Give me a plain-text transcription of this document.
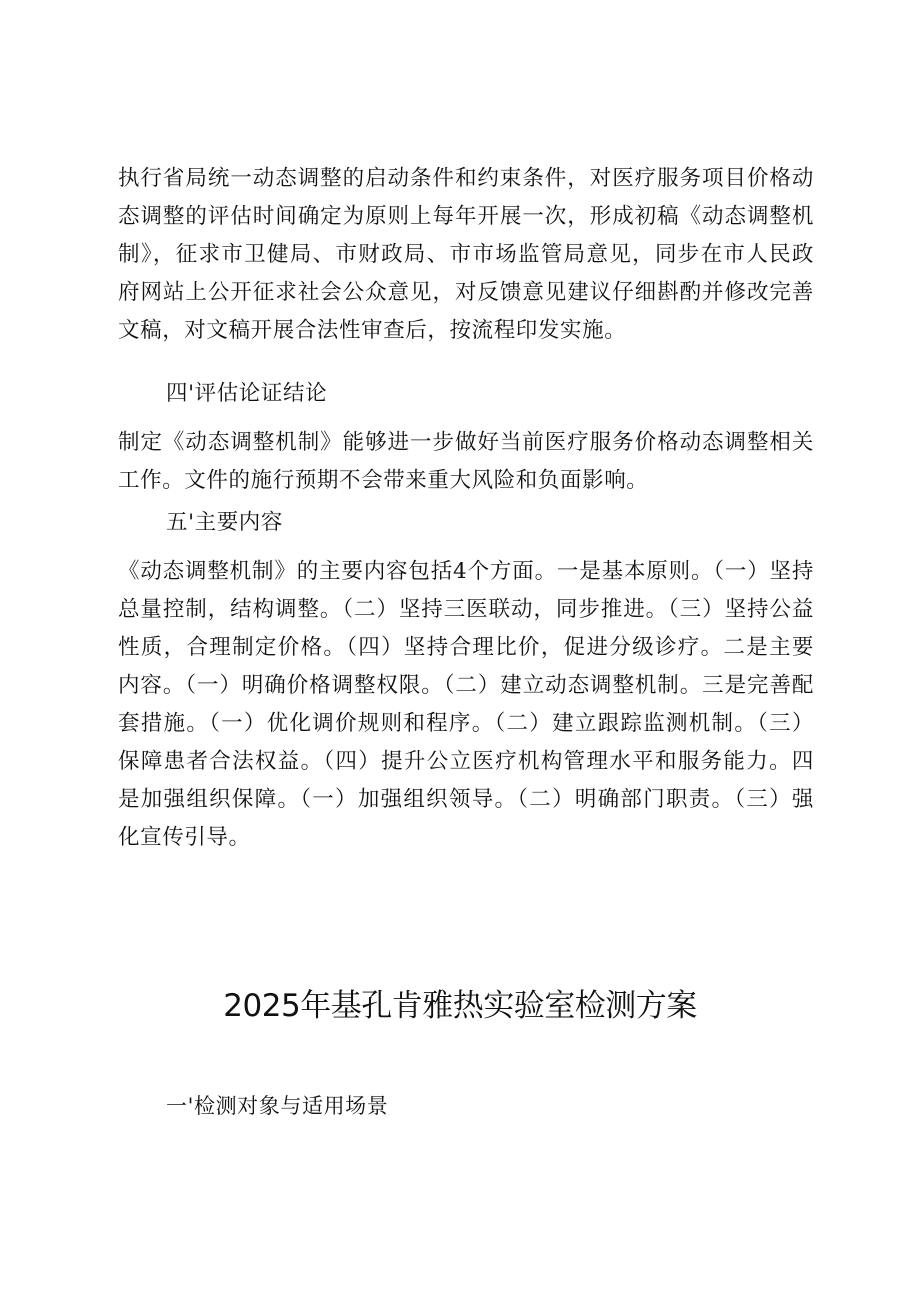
执行省局统一动态调整的启动条件和约束条件，对医疗服务项目价格动态调整的评估时间确定为原则上每年开展一次，形成初稿《动态调整机制》，征求市卫健局、市财政局、市市场监管局意见，同步在市人民政府网站上公开征求社会公众意见，对反馈意见建议仔细斟酌并修改完善文稿，对文稿开展合法性审查后，按流程印发实施。
四'评估论证结论
制定《动态调整机制》能够进一步做好当前医疗服务价格动态调整相关工作。文件的施行预期不会带来重大风险和负面影响。
五'主要内容
《动态调整机制》的主要内容包括4个方面。一是基本原则。（一）坚持总量控制，结构调整。（二）坚持三医联动，同步推进。（三）坚持公益性质，合理制定价格。（四）坚持合理比价，促进分级诊疗。二是主要内容。（一）明确价格调整权限。（二）建立动态调整机制。三是完善配套措施。（一）优化调价规则和程序。（二）建立跟踪监测机制。（三）保障患者合法权益。（四）提升公立医疗机构管理水平和服务能力。四是加强组织保障。（一）加强组织领导。（二）明确部门职责。（三）强化宣传引导。
2025年基孔肯雅热实验室检测方案
一'检测对象与适用场景
